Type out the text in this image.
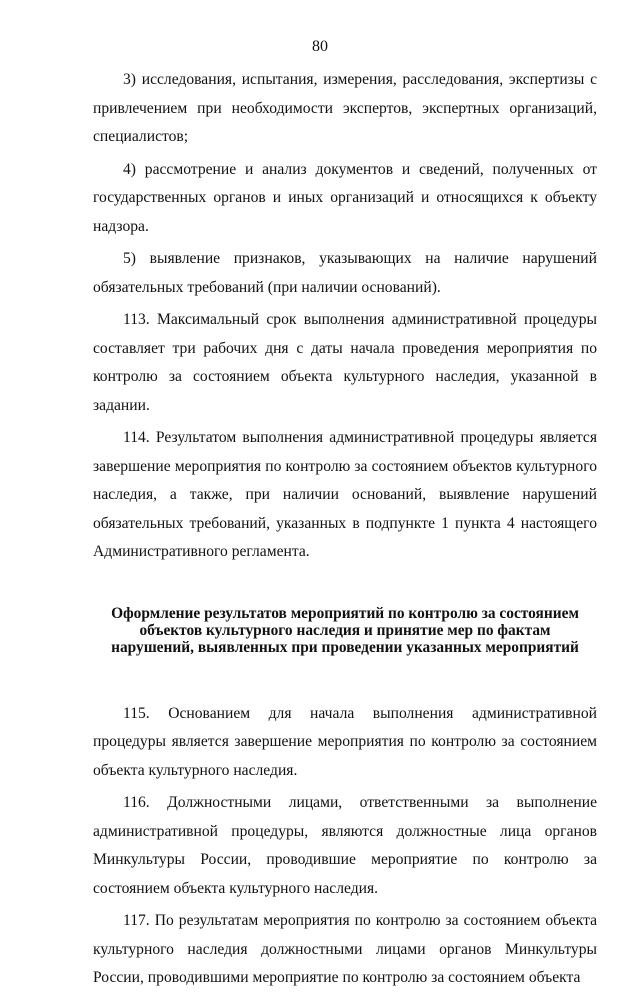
80

3) исследования, испытания, измерения, расследования, экспертизы с привлечением при необходимости экспертов, экспертных организаций, специалистов;

4) рассмотрение и анализ документов и сведений, полученных от государственных органов и иных организаций и относящихся к объекту надзора.

5) выявление признаков, указывающих на наличие нарушений обязательных требований (при наличии оснований).

113. Максимальный срок выполнения административной процедуры составляет три рабочих дня с даты начала проведения мероприятия по контролю за состоянием объекта культурного наследия, указанной в задании.

114. Результатом выполнения административной процедуры является завершение мероприятия по контролю за состоянием объектов культурного наследия, а также, при наличии оснований, выявление нарушений обязательных требований, указанных в подпункте 1 пункта 4 настоящего Административного регламента.

Оформление результатов мероприятий по контролю за состоянием объектов культурного наследия и принятие мер по фактам нарушений, выявленных при проведении указанных мероприятий

115. Основанием для начала выполнения административной процедуры является завершение мероприятия по контролю за состоянием объекта культурного наследия.

116. Должностными лицами, ответственными за выполнение административной процедуры, являются должностные лица органов Минкультуры России, проводившие мероприятие по контролю за состоянием объекта культурного наследия.

117. По результатам мероприятия по контролю за состоянием объекта культурного наследия должностными лицами органов Минкультуры России, проводившими мероприятие по контролю за состоянием объекта
